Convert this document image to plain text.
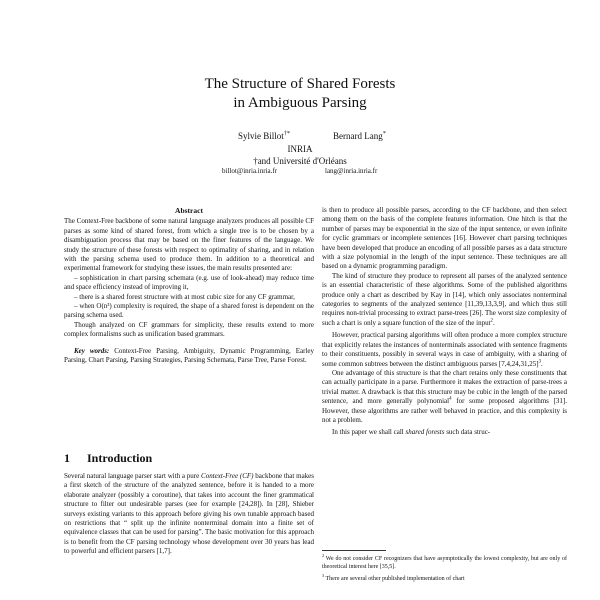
The Structure of Shared Forests
in Ambiguous Parsing
Sylvie Billot†*	Bernard Lang*
INRIA
†and Université d'Orléans
billot@inria.inria.fr	lang@inria.inria.fr
Abstract

The Context-Free backbone of some natural language analyzers produces all possible CF parses as some kind of shared forest, from which a single tree is to be chosen by a disambiguation process that may be based on the finer features of the language. We study the structure of these forests with respect to optimality of sharing, and in relation with the parsing schema used to produce them. In addition to a theoretical and experimental framework for studying these issues, the main results presented are:

– sophistication in chart parsing schemata (e.g. use of look-ahead) may reduce time and space efficiency instead of improving it,

– there is a shared forest structure with at most cubic size for any CF grammar,

– when O(n³) complexity is required, the shape of a shared forest is dependent on the parsing schema used.

Though analyzed on CF grammars for simplicity, these results extend to more complex formalisms such as unification based grammars.

Key words: Context-Free Parsing, Ambiguity, Dynamic Programming, Earley Parsing, Chart Parsing, Parsing Strategies, Parsing Schemata, Parse Tree, Parse Forest.

1 Introduction

Several natural language parser start with a pure Context-Free (CF) backbone that makes a first sketch of the structure of the analyzed sentence, before it is handed to a more elaborate analyzer (possibly a coroutine), that takes into account the finer grammatical structure to filter out undesirable parses (see for example [24,28]). In [28], Shieber surveys existing variants to this approach before giving his own tunable approach based on restrictions that “ split up the infinite nonterminal domain into a finite set of equivalence classes that can be used for parsing”. The basic motivation for this approach is to benefit from the CF parsing technology whose development over 30 years has lead to powerful and efficient parsers [1,7].

is then to produce all possible parses, according to the CF backbone, and then select among them on the basis of the complete features information. One hitch is that the number of parses may be exponential in the size of the input sentence, or even infinite for cyclic grammars or incomplete sentences [16]. However chart parsing techniques have been developed that produce an encoding of all possible parses as a data structure with a size polynomial in the length of the input sentence. These techniques are all based on a dynamic programming paradigm.

The kind of structure they produce to represent all parses of the analyzed sentence is an essential characteristic of these algorithms. Some of the published algorithms produce only a chart as described by Kay in [14], which only associates nonterminal categories to segments of the analyzed sentence [11,39,13,3,9], and which thus still requires non-trivial processing to extract parse-trees [26]. The worst size complexity of such a chart is only a square function of the size of the input$^2$.

However, practical parsing algorithms will often produce a more complex structure that explicitly relates the instances of nonterminals associated with sentence fragments to their constituents, possibly in several ways in case of ambiguity, with a sharing of some common subtrees between the distinct ambiguous parses $[7,4,24,31,25]^3$.

One advantage of this structure is that the chart retains only these constituents that can actually participate in a parse. Furthermore it makes the extraction of parse-trees a trivial matter. A drawback is that this structure may be cubic in the length of the parsed sentence, and more generally polynomial$^4$ for some proposed algorithms [31]. However, these algorithms are rather well behaved in practice, and this complexity is not a problem.

In this paper we shall call shared forests such data struc-

$^2$ We do not consider CF recognizers that have asymptotically the lowest complexity, but are only of theoretical interest here [35,5].

$^3$ There are several other published implementation of chart
